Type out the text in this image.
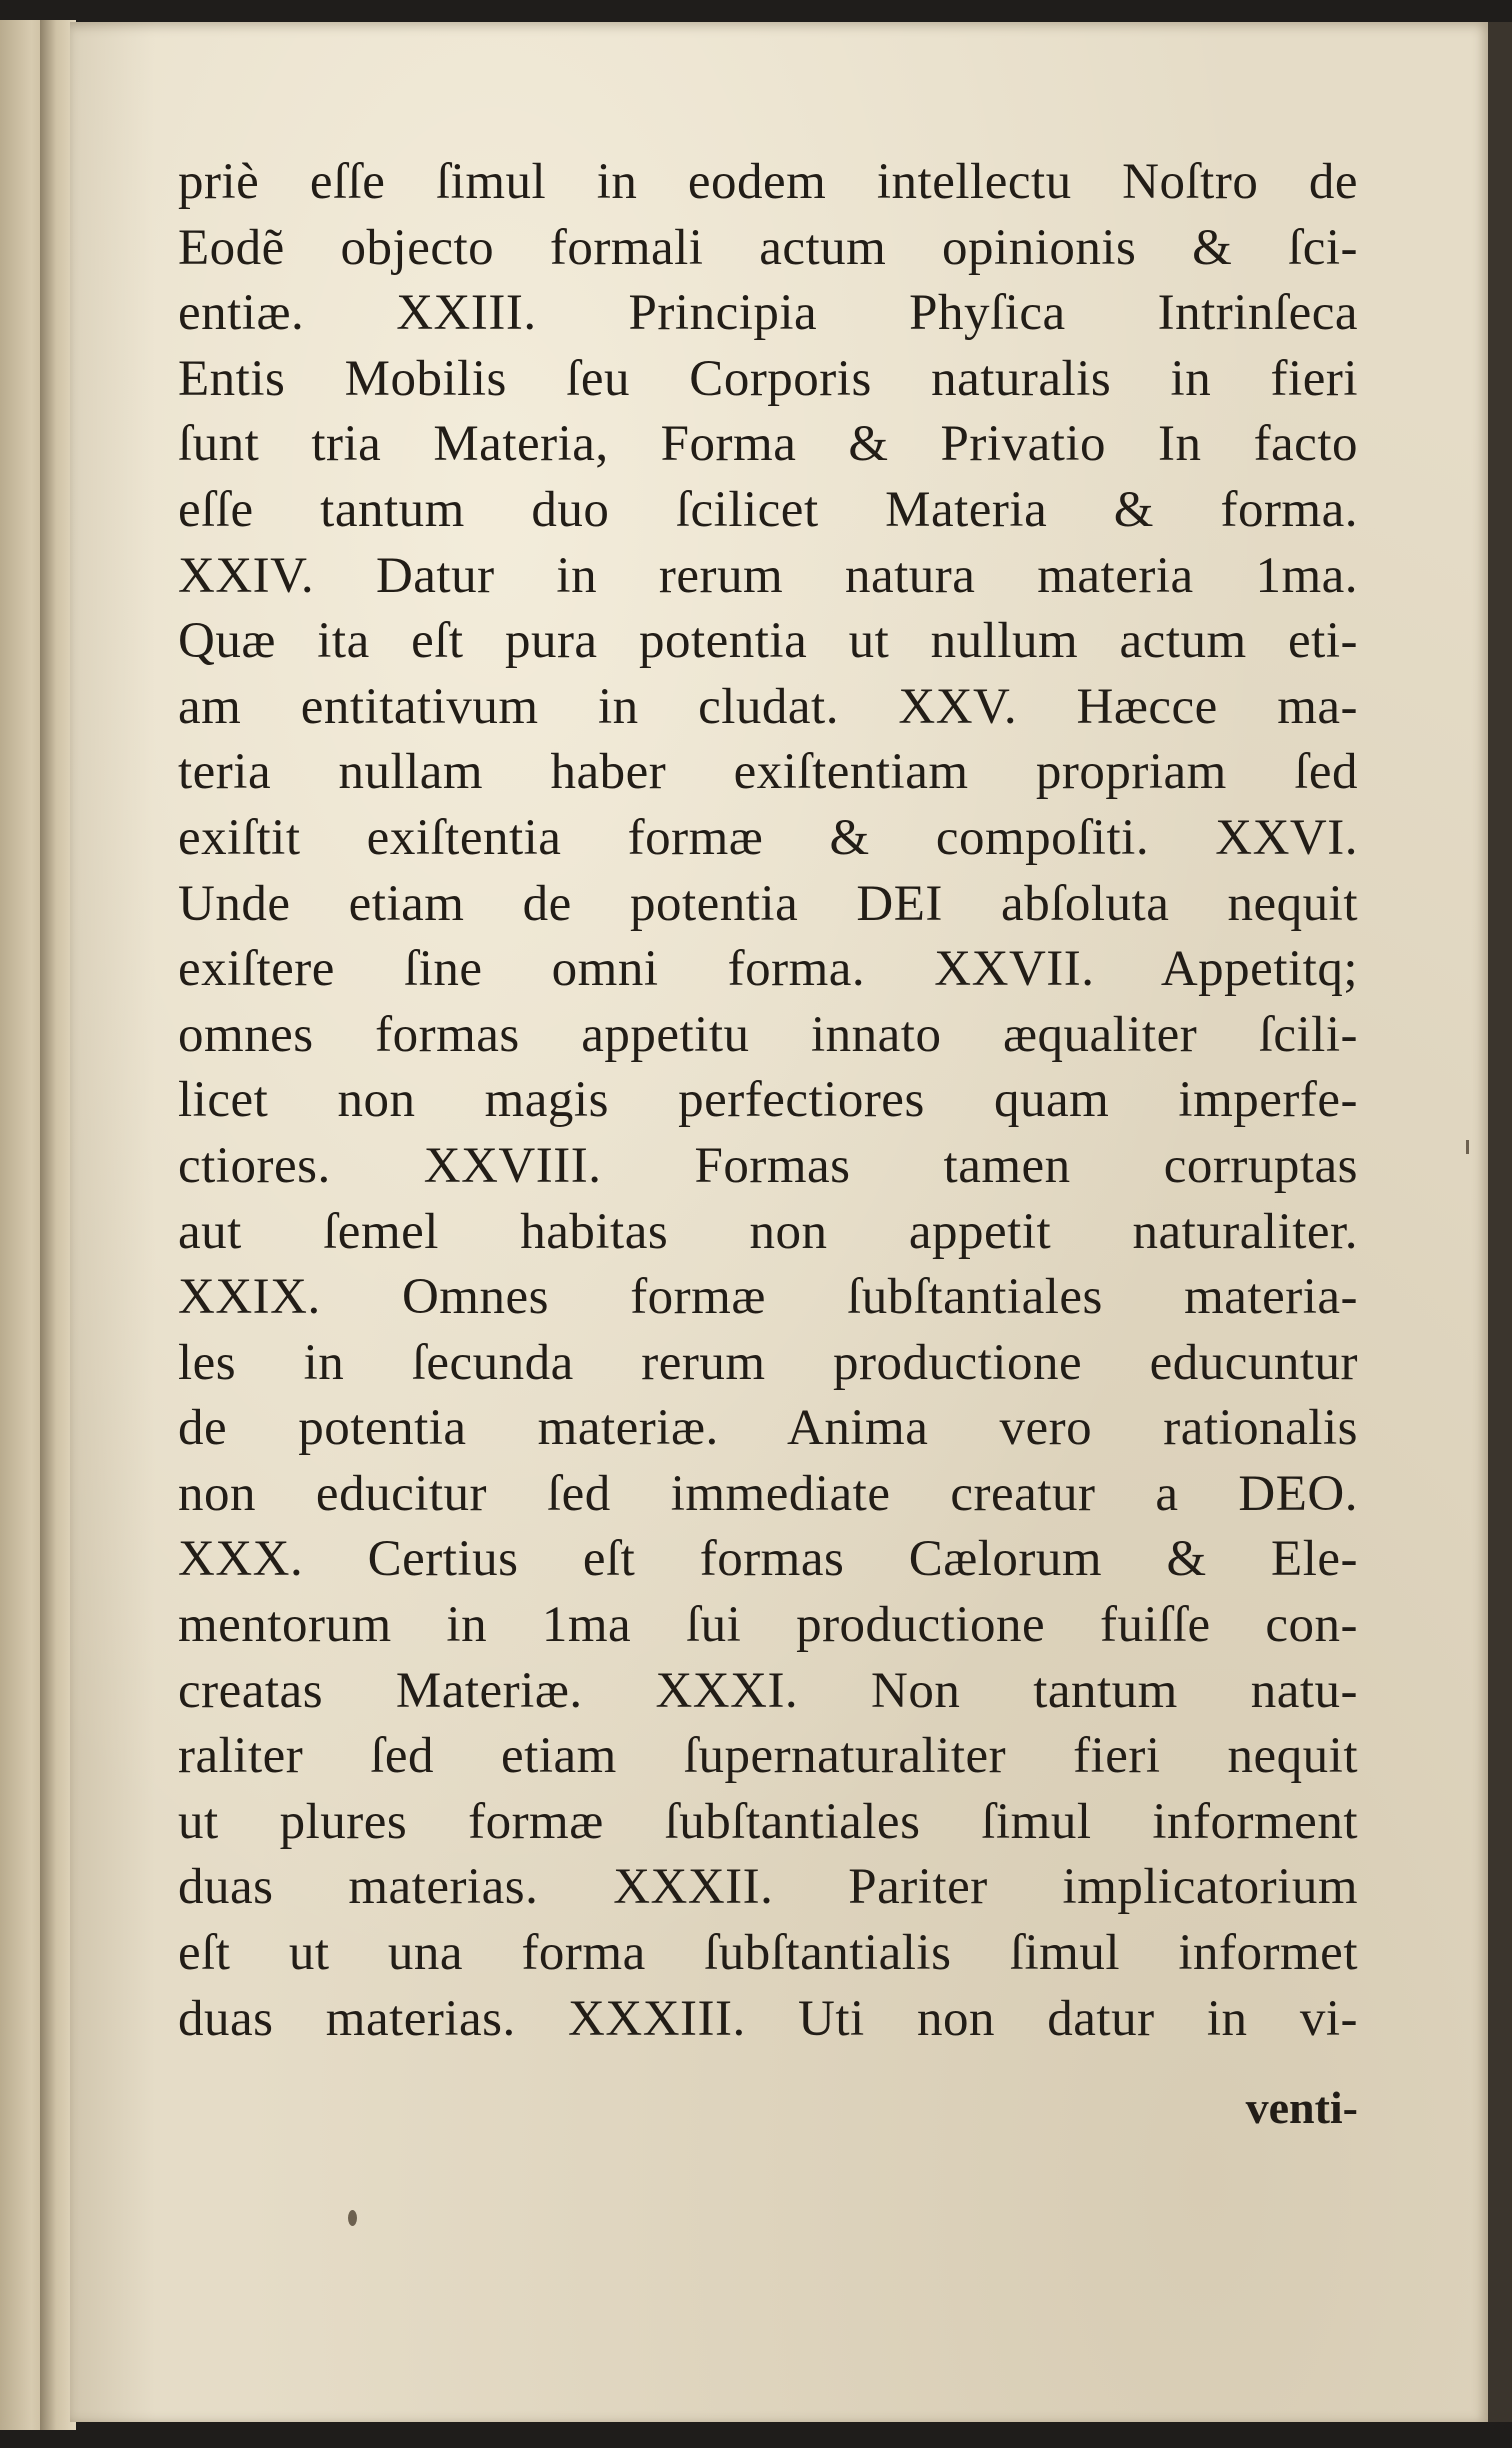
priè eſſe ſimul in eodem intellectu Noſtro de
Eodẽ objecto formali actum opinionis & ſci-
entiæ. XXIII. Principia Phyſica Intrinſeca
Entis Mobilis ſeu Corporis naturalis in fieri
ſunt tria Materia, Forma & Privatio In facto
eſſe tantum duo ſcilicet Materia & forma.
XXIV. Datur in rerum natura materia 1ma.
Quæ ita eſt pura potentia ut nullum actum eti-
am entitativum in cludat. XXV. Hæcce ma-
teria nullam haber exiſtentiam propriam ſed
exiſtit exiſtentia formæ & compoſiti. XXVI.
Unde etiam de potentia DEI abſoluta nequit
exiſtere ſine omni forma. XXVII. Appetitq;
omnes formas appetitu innato æqualiter ſcili-
licet non magis perfectiores quam imperfe-
ctiores. XXVIII. Formas tamen corruptas
aut ſemel habitas non appetit naturaliter.
XXIX. Omnes formæ ſubſtantiales materia-
les in ſecunda rerum productione educuntur
de potentia materiæ. Anima vero rationalis
non educitur ſed immediate creatur a DEO.
XXX. Certius eſt formas Cælorum & Ele-
mentorum in 1ma ſui productione fuiſſe con-
creatas Materiæ. XXXI. Non tantum natu-
raliter ſed etiam ſupernaturaliter fieri nequit
ut plures formæ ſubſtantiales ſimul informent
duas materias. XXXII. Pariter implicatorium
eſt ut una forma ſubſtantialis ſimul informet
duas materias. XXXIII. Uti non datur in vi-
venti-
